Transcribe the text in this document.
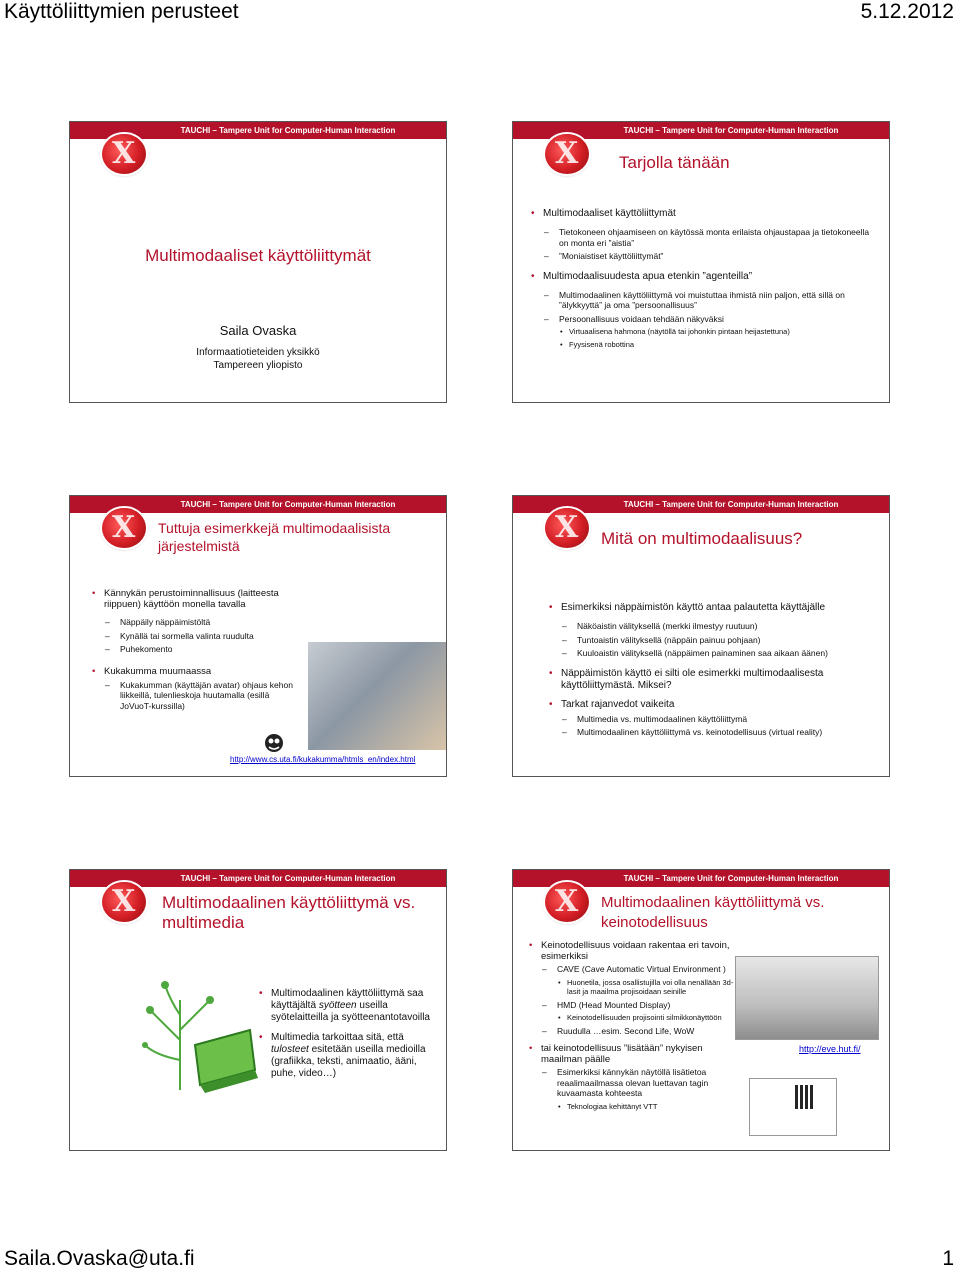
Käyttöliittymien perusteet	5.12.2012
Saila.Ovaska@uta.fi	1
TAUCHI – Tampere Unit for Computer-Human Interaction
X
Multimodaaliset käyttöliittymät
Saila Ovaska
Informaatiotieteiden yksikkö
Tampereen yliopisto
TAUCHI – Tampere Unit for Computer-Human Interaction
X
Tarjolla tänään
• Multimodaaliset käyttöliittymät
– Tietokoneen ohjaamiseen on käytössä monta erilaista ohjaustapaa ja tietokoneella on monta eri ”aistia”
– ”Moniaistiset käyttöliittymät”
• Multimodaalisuudesta apua etenkin ”agenteilla”
– Multimodaalinen käyttöliittymä voi muistuttaa ihmistä niin paljon, että sillä on ”älykkyyttä” ja oma ”persoonallisuus”
– Persoonallisuus voidaan tehdään näkyväksi
• Virtuaalisena hahmona (näytöllä tai johonkin pintaan heijastettuna)
• Fyysisenä robottina
TAUCHI – Tampere Unit for Computer-Human Interaction
X
Tuttuja esimerkkejä multimodaalisista järjestelmistä
• Kännykän perustoiminnallisuus (laitteesta riippuen) käyttöön monella tavalla
– Näppäily näppäimistöltä
– Kynällä tai sormella valinta ruudulta
– Puhekomento
• Kukakumma muumaassa
– Kukakumman (käyttäjän avatar) ohjaus kehon liikkeillä, tulenlieskoja huutamalla (esillä JoVuoT-kurssilla)
http://www.cs.uta.fi/kukakumma/htmls_en/index.html
TAUCHI – Tampere Unit for Computer-Human Interaction
X
Mitä on multimodaalisuus?
• Esimerkiksi näppäimistön käyttö antaa palautetta käyttäjälle
– Näköaistin välityksellä (merkki ilmestyy ruutuun)
– Tuntoaistin välityksellä (näppäin painuu pohjaan)
– Kuuloaistin välityksellä (näppäimen painaminen saa aikaan äänen)
• Näppäimistön käyttö ei silti ole esimerkki multimodaalisesta käyttöliittymästä. Miksei?
• Tarkat rajanvedot vaikeita
– Multimedia vs. multimodaalinen käyttöliittymä
– Multimodaalinen käyttöliittymä vs. keinotodellisuus (virtual reality)
TAUCHI – Tampere Unit for Computer-Human Interaction
X
Multimodaalinen käyttöliittymä vs. multimedia
• Multimodaalinen käyttöliittymä saa käyttäjältä syötteen useilla syötelaitteilla ja syötteenantotavoilla
• Multimedia tarkoittaa sitä, että tulosteet esitetään useilla medioilla (grafiikka, teksti, animaatio, ääni, puhe, video…)
TAUCHI – Tampere Unit for Computer-Human Interaction
X
Multimodaalinen käyttöliittymä vs. keinotodellisuus
• Keinotodellisuus voidaan rakentaa eri tavoin, esimerkiksi
– CAVE (Cave Automatic Virtual Environment )
• Huonetila, jossa osallistujilla voi olla nenällään 3d-lasit ja maailma projisoidaan seinille
– HMD (Head Mounted Display)
• Keinotodellisuuden projisointi silmikkonäyttöön
– Ruudulla …esim. Second Life, WoW
• tai keinotodellisuus ”lisätään” nykyisen maailman päälle
– Esimerkiksi kännykän näytöllä lisätietoa reaalimaailmassa olevan luettavan tagin kuvaamasta kohteesta
• Teknologiaa kehittänyt VTT
http://eve.hut.fi/
